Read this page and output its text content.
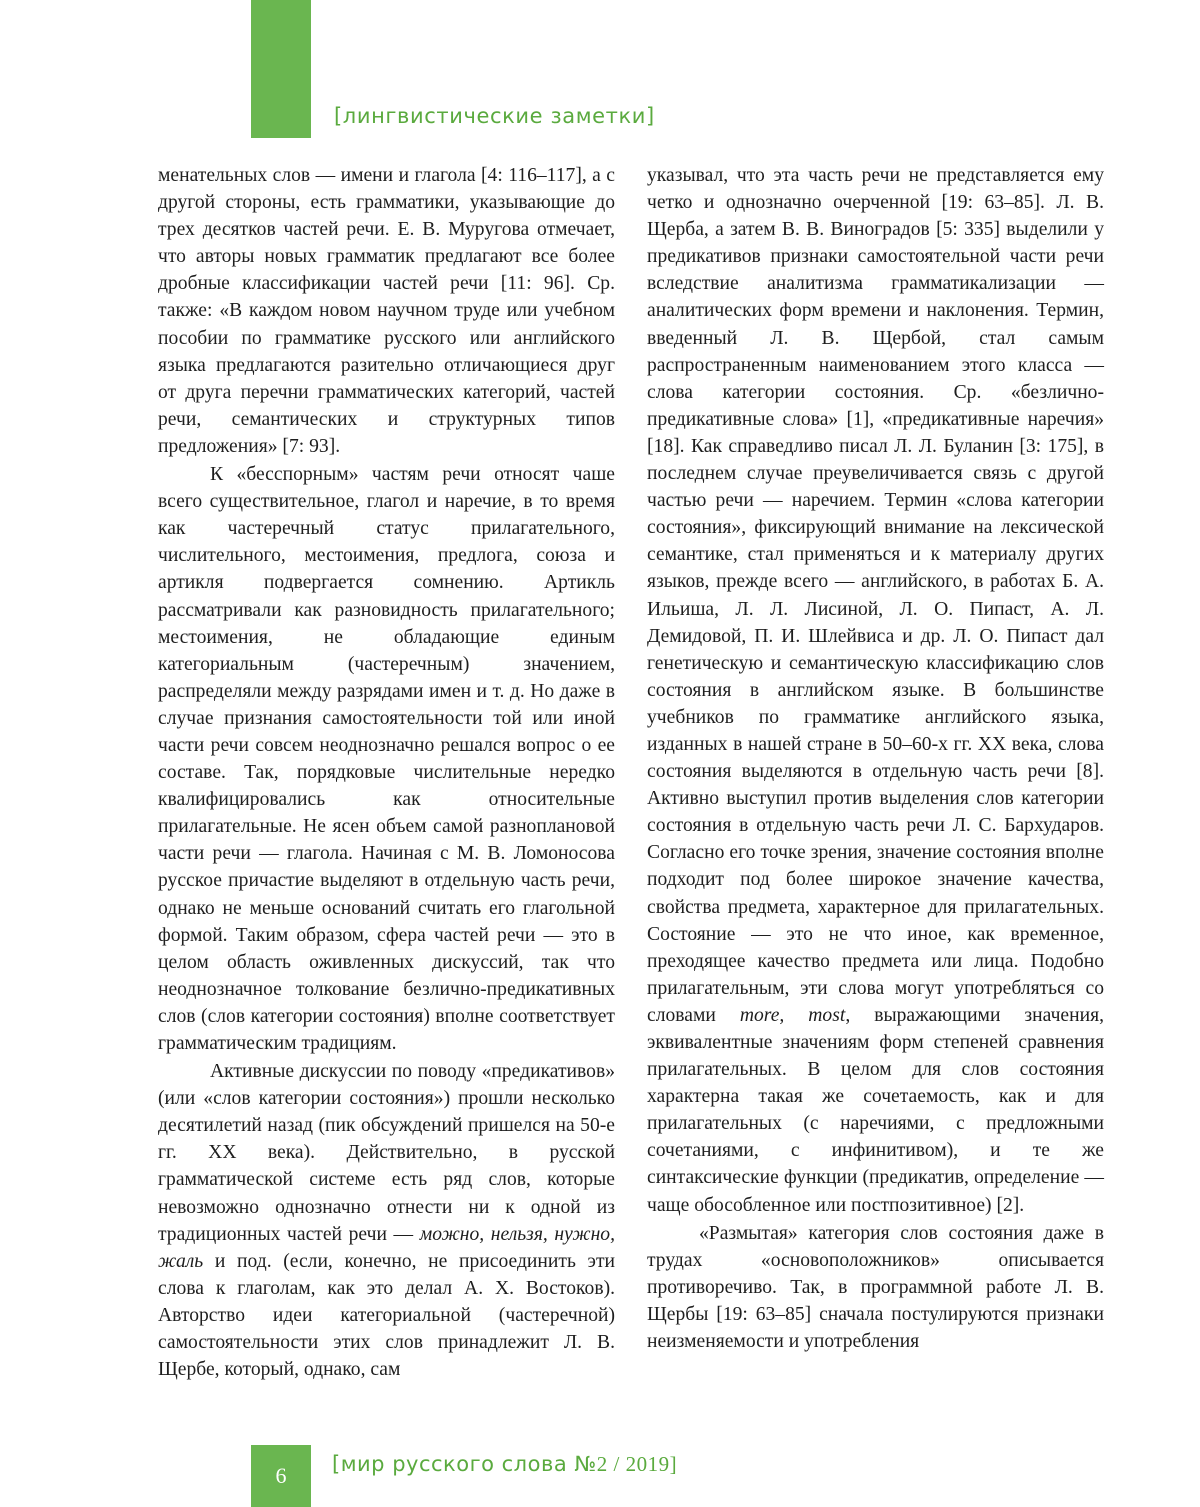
[лингвистические заметки]

менательных слов — имени и глагола [4: 116–117], а с другой стороны, есть грамматики, указывающие до трех десятков частей речи. Е. В. Муругова отмечает, что авторы новых грамматик предлагают все более дробные классификации частей речи [11: 96]. Ср. также: «В каждом новом научном труде или учебном пособии по грамматике русского или английского языка предлагаются разительно отличающиеся друг от друга перечни грамматических категорий, частей речи, семантических и структурных типов предложения» [7: 93].

К «бесспорным» частям речи относят чаше всего существительное, глагол и наречие, в то время как частеречный статус прилагательного, числительного, местоимения, предлога, союза и артикля подвергается сомнению. Артикль рассматривали как разновидность прилагательного; местоимения, не обладающие единым категориальным (частеречным) значением, распределяли между разрядами имен и т. д. Но даже в случае признания самостоятельности той или иной части речи совсем неоднозначно решался вопрос о ее составе. Так, порядковые числительные нередко квалифицировались как относительные прилагательные. Не ясен объем самой разноплановой части речи — глагола. Начиная с М. В. Ломоносова русское причастие выделяют в отдельную часть речи, однако не меньше оснований считать его глагольной формой. Таким образом, сфера частей речи — это в целом область оживленных дискуссий, так что неоднозначное толкование безлично-предикативных слов (слов категории состояния) вполне соответствует грамматическим традициям.

Активные дискуссии по поводу «предикативов» (или «слов категории состояния») прошли несколько десятилетий назад (пик обсуждений пришелся на 50-е гг. XX века). Действительно, в русской грамматической системе есть ряд слов, которые невозможно однозначно отнести ни к одной из традиционных частей речи — можно, нельзя, нужно, жаль и под. (если, конечно, не присоединить эти слова к глаголам, как это делал А. Х. Востоков). Авторство идеи категориальной (частеречной) самостоятельности этих слов принадлежит Л. В. Щербе, который, однако, сам

указывал, что эта часть речи не представляется ему четко и однозначно очерченной [19: 63–85]. Л. В. Щерба, а затем В. В. Виноградов [5: 335] выделили у предикативов признаки самостоятельной части речи вследствие аналитизма грамматикализации — аналитических форм времени и наклонения. Термин, введенный Л. В. Щербой, стал самым распространенным наименованием этого класса — слова категории состояния. Ср. «безлично-предикативные слова» [1], «предикативные наречия» [18]. Как справедливо писал Л. Л. Буланин [3: 175], в последнем случае преувеличивается связь с другой частью речи — наречием. Термин «слова категории состояния», фиксирующий внимание на лексической семантике, стал применяться и к материалу других языков, прежде всего — английского, в работах Б. А. Ильиша, Л. Л. Лисиной, Л. О. Пипаст, А. Л. Демидовой, П. И. Шлейвиса и др. Л. О. Пипаст дал генетическую и семантическую классификацию слов состояния в английском языке. В большинстве учебников по грамматике английского языка, изданных в нашей стране в 50–60-х гг. XX века, слова состояния выделяются в отдельную часть речи [8]. Активно выступил против выделения слов категории состояния в отдельную часть речи Л. С. Бархударов. Согласно его точке зрения, значение состояния вполне подходит под более широкое значение качества, свойства предмета, характерное для прилагательных. Состояние — это не что иное, как временное, преходящее качество предмета или лица. Подобно прилагательным, эти слова могут употребляться со словами more, most, выражающими значения, эквивалентные значениям форм степеней сравнения прилагательных. В целом для слов состояния характерна такая же сочетаемость, как и для прилагательных (с наречиями, с предложными сочетаниями, с инфинитивом), и те же синтаксические функции (предикатив, определение — чаще обособленное или постпозитивное) [2].

«Размытая» категория слов состояния даже в трудах «основоположников» описывается противоречиво. Так, в программной работе Л. В. Щербы [19: 63–85] сначала постулируются признаки неизменяемости и употребления

6	[мир русского слова №2 / 2019]
